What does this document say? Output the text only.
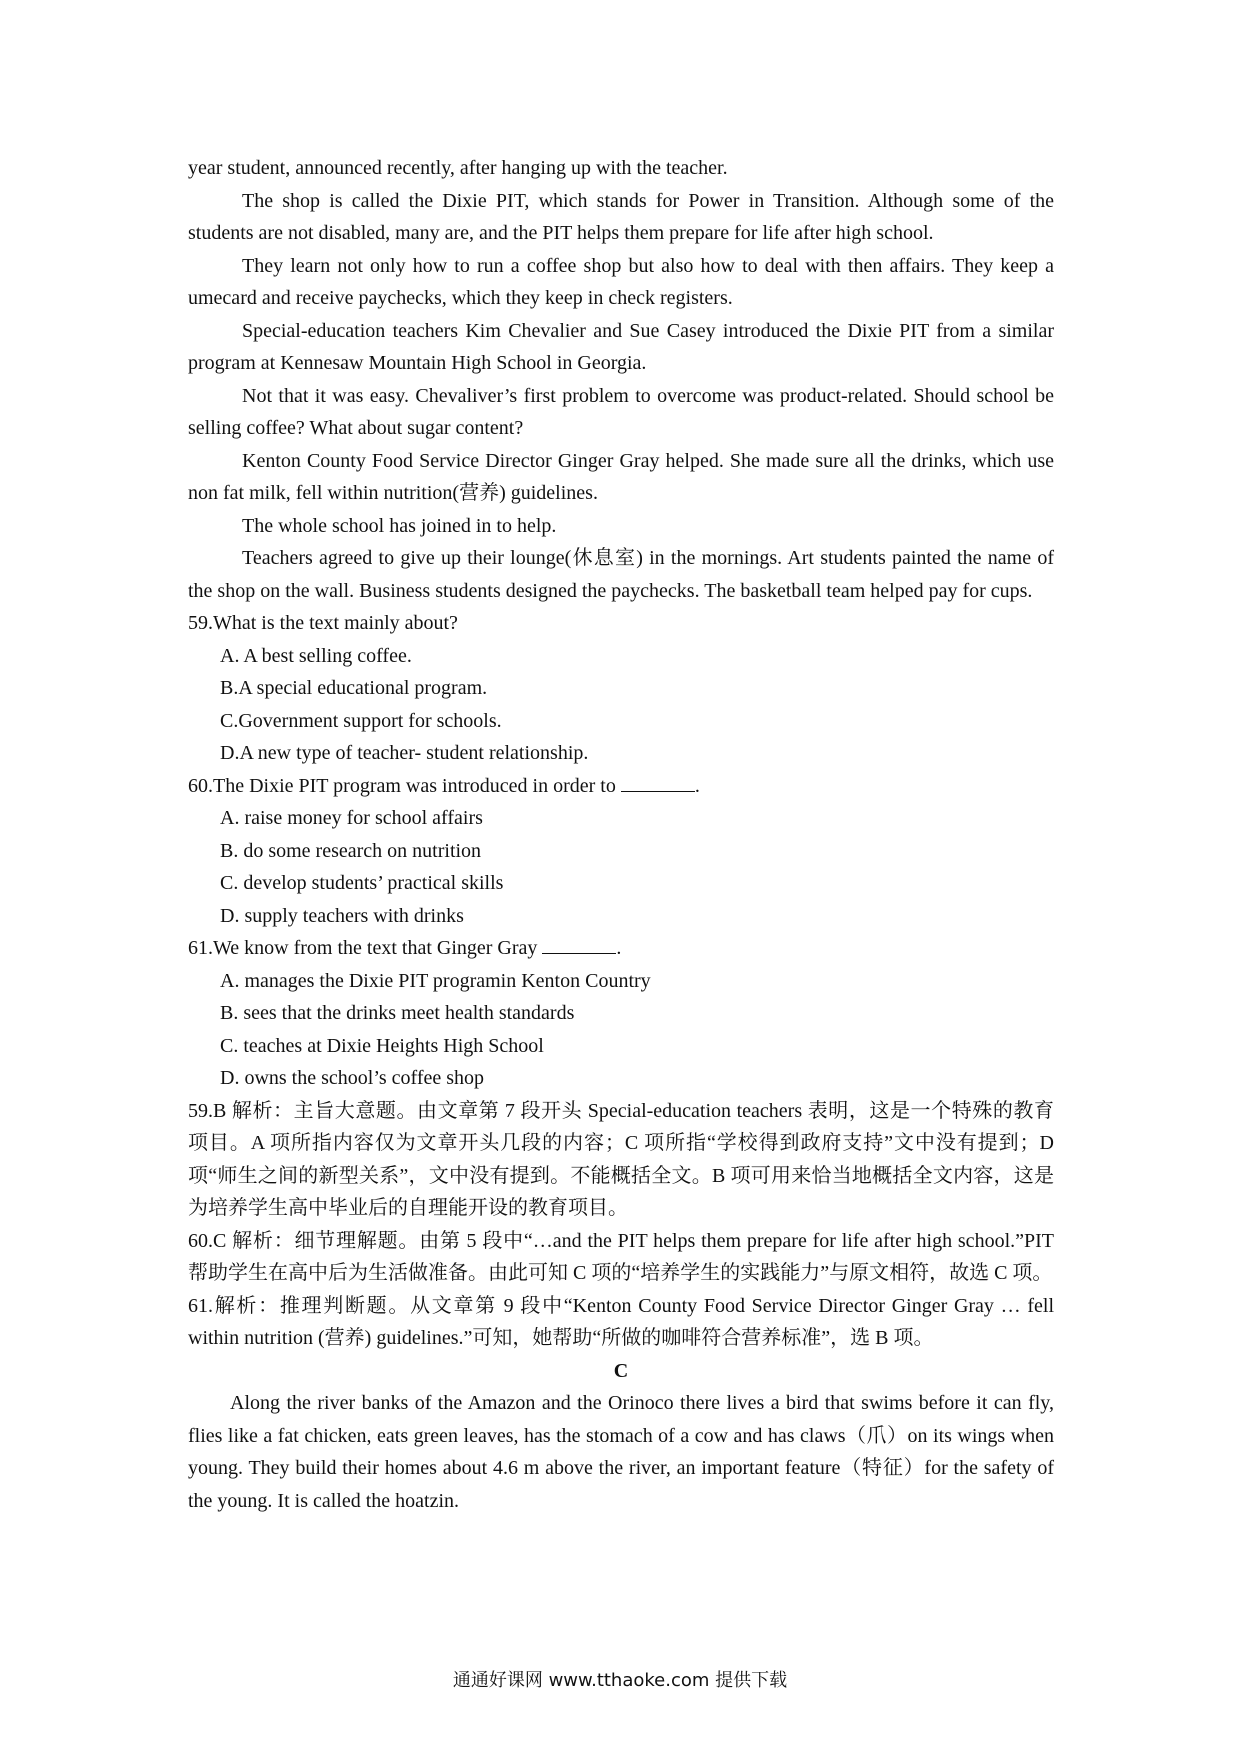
year student, announced recently, after hanging up with the teacher.

The shop is called the Dixie PIT, which stands for Power in Transition. Although some of the students are not disabled, many are, and the PIT helps them prepare for life after high school.

They learn not only how to run a coffee shop but also how to deal with then affairs. They keep a umecard and receive paychecks, which they keep in check registers.

Special-education teachers Kim Chevalier and Sue Casey introduced the Dixie PIT from a similar program at Kennesaw Mountain High School in Georgia.

Not that it was easy. Chevaliver’s first problem to overcome was product-related. Should school be selling coffee? What about sugar content?

Kenton County Food Service Director Ginger Gray helped. She made sure all the drinks, which use non fat milk, fell within nutrition(营养) guidelines.

The whole school has joined in to help.

Teachers agreed to give up their lounge(休息室) in the mornings. Art students painted the name of the shop on the wall. Business students designed the paychecks. The basketball team helped pay for cups.

59.What is the text mainly about?

A. A best selling coffee.

B.A special educational program.

C.Government support for schools.

D.A new type of teacher- student relationship.

60.The Dixie PIT program was introduced in order to	.

A. raise money for school affairs

B. do some research on nutrition

C. develop students’ practical skills

D. supply teachers with drinks

61.We know from the text that Ginger Gray	.

A. manages the Dixie PIT programin Kenton Country

B. sees that the drinks meet health standards

C. teaches at Dixie Heights High School

D. owns the school’s coffee shop

59.B 解析：主旨大意题。由文章第 7 段开头 Special-education teachers 表明，这是一个特殊的教育项目。A 项所指内容仅为文章开头几段的内容；C 项所指“学校得到政府支持”文中没有提到；D 项“师生之间的新型关系”，文中没有提到。不能概括全文。B 项可用来恰当地概括全文内容，这是为培养学生高中毕业后的自理能开设的教育项目。

60.C 解析：细节理解题。由第 5 段中“…and the PIT helps them prepare for life after high school.”PIT 帮助学生在高中后为生活做准备。由此可知 C 项的“培养学生的实践能力”与原文相符，故选 C 项。

61.解析：推理判断题。从文章第 9 段中“Kenton County Food Service Director Ginger Gray … fell within nutrition (营养) guidelines.”可知，她帮助“所做的咖啡符合营养标准”，选 B 项。

C

Along the river banks of the Amazon and the Orinoco there lives a bird that swims before it can fly, flies like a fat chicken, eats green leaves, has the stomach of a cow and has claws（爪）on its wings when young. They build their homes about 4.6 m above the river, an important feature（特征）for the safety of the young. It is called the hoatzin.

通通好课网 www.tthaoke.com 提供下载
